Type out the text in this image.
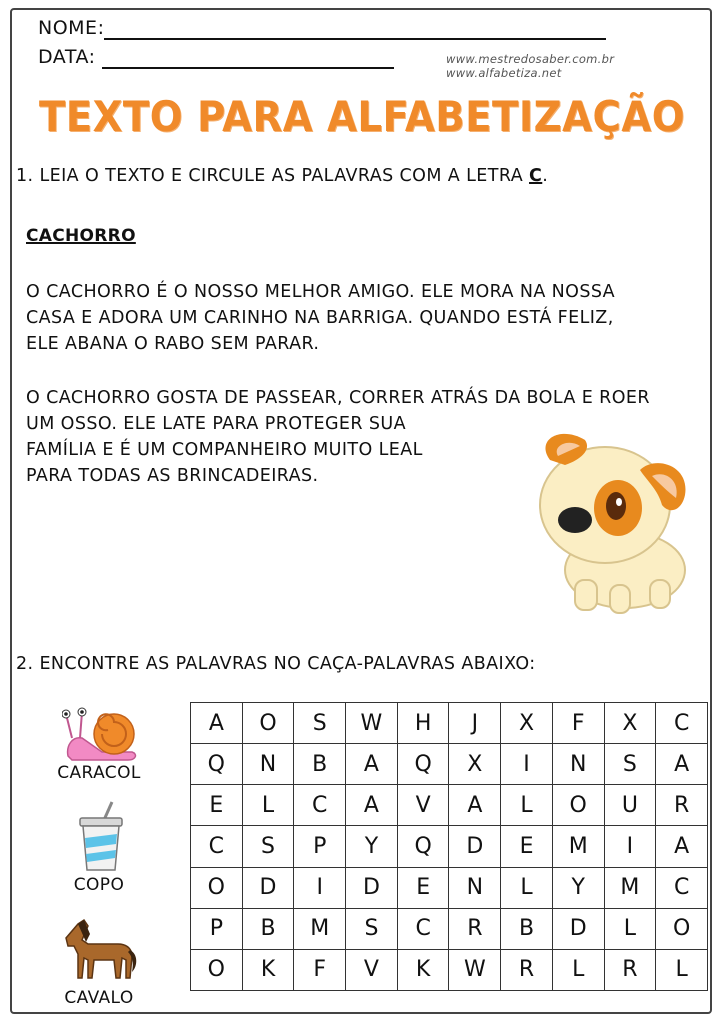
NOME:
DATA:	www.mestredosaber.com.br
www.alfabetiza.net
TEXTO PARA ALFABETIZAÇÃO
1. LEIA O TEXTO E CIRCULE AS PALAVRAS COM A LETRA C.
CACHORRO
O CACHORRO É O NOSSO MELHOR AMIGO. ELE MORA NA NOSSA
CASA E ADORA UM CARINHO NA BARRIGA. QUANDO ESTÁ FELIZ,
ELE ABANA O RABO SEM PARAR.
O CACHORRO GOSTA DE PASSEAR, CORRER ATRÁS DA BOLA E ROER
UM OSSO. ELE LATE PARA PROTEGER SUA
FAMÍLIA E É UM COMPANHEIRO MUITO LEAL
PARA TODAS AS BRINCADEIRAS.
2. ENCONTRE AS PALAVRAS NO CAÇA-PALAVRAS ABAIXO:
CARACOL
COPO
CAVALO
A	O	S	W	H	J	X	F	X	C
Q	N	B	A	Q	X	I	N	S	A
E	L	C	A	V	A	L	O	U	R
C	S	P	Y	Q	D	E	M	I	A
O	D	I	D	E	N	L	Y	M	C
P	B	M	S	C	R	B	D	L	O
O	K	F	V	K	W	R	L	R	L
